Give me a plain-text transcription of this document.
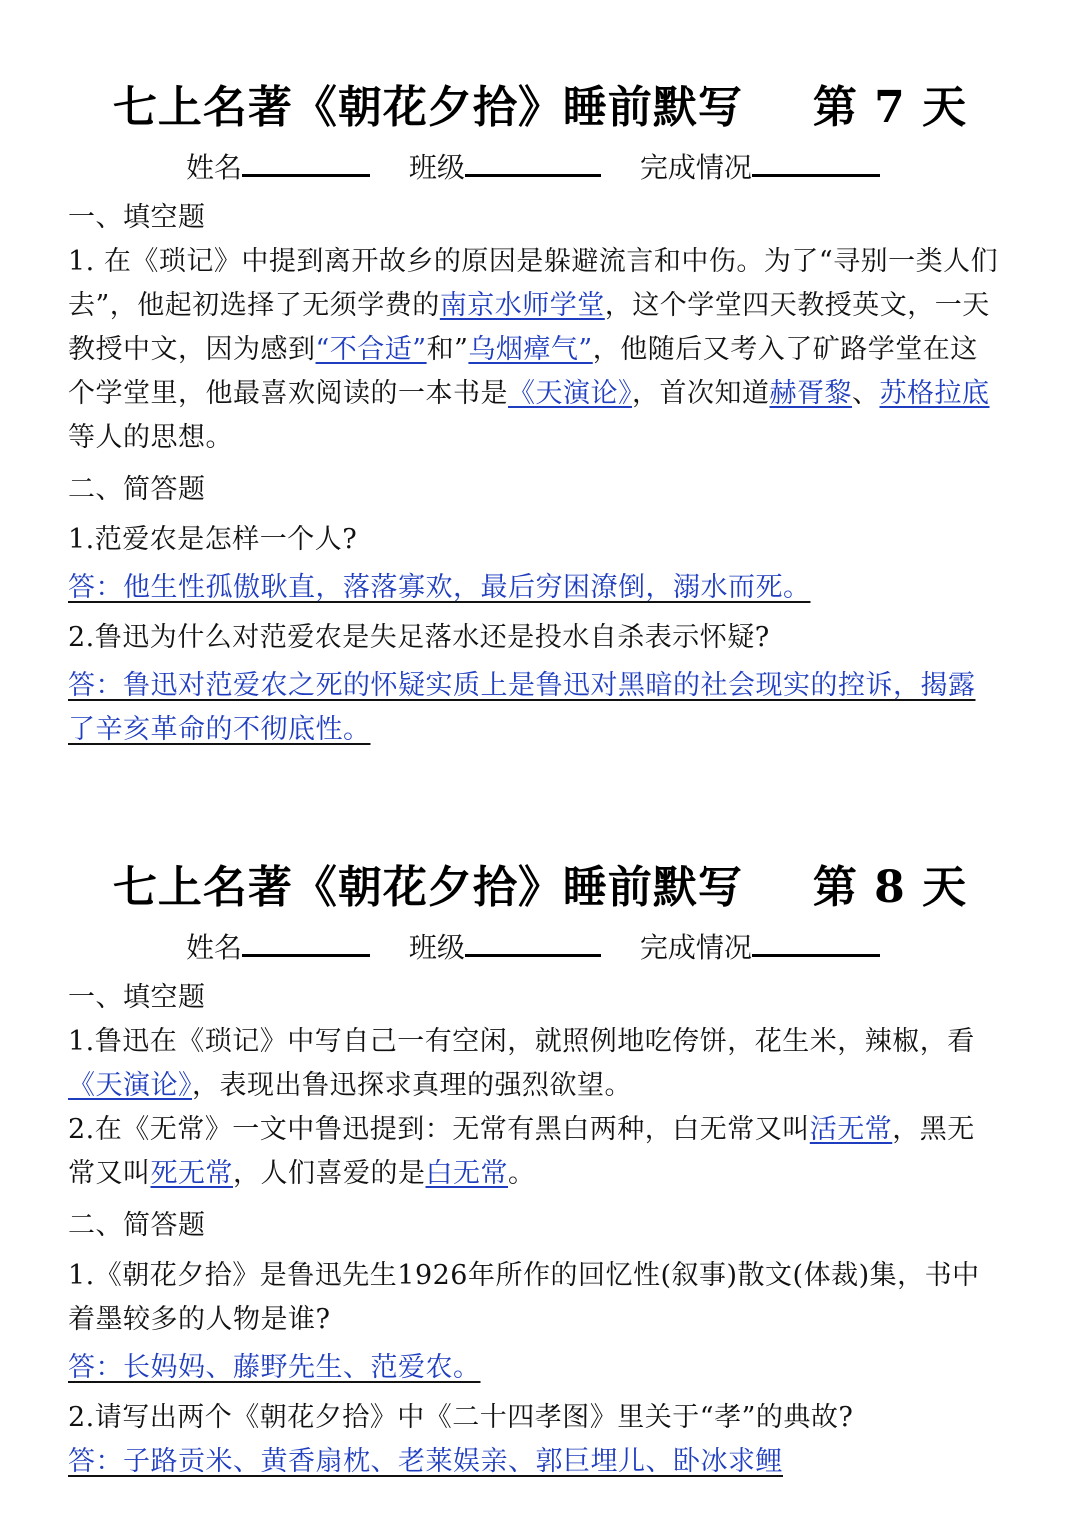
七上名著《朝花夕拾》睡前默写 第 7 天
姓名	班级	完成情况

一、填空题

1. 在《琐记》中提到离开故乡的原因是躲避流言和中伤。为了“寻别一类人们去”，他起初选择了无须学费的南京水师学堂，这个学堂四天教授英文，一天教授中文，因为感到“不合适”和”乌烟瘴气”，他随后又考入了矿路学堂在这个学堂里，他最喜欢阅读的一本书是《天演论》，首次知道赫胥黎、苏格拉底等人的思想。

二、简答题

1.范爱农是怎样一个人?

答：他生性孤傲耿直，落落寡欢，最后穷困潦倒，溺水而死。

2.鲁迅为什么对范爱农是失足落水还是投水自杀表示怀疑?

答：鲁迅对范爱农之死的怀疑实质上是鲁迅对黑暗的社会现实的控诉，揭露了辛亥革命的不彻底性。

七上名著《朝花夕拾》睡前默写 第 8 天
姓名	班级	完成情况

一、填空题

1.鲁迅在《琐记》中写自己一有空闲，就照例地吃侉饼，花生米，辣椒，看《天演论》，表现出鲁迅探求真理的强烈欲望。

2.在《无常》一文中鲁迅提到：无常有黑白两种，白无常又叫活无常，黑无常又叫死无常，人们喜爱的是白无常。

二、简答题

1.《朝花夕拾》是鲁迅先生1926年所作的回忆性(叙事)散文(体裁)集，书中着墨较多的人物是谁?

答：长妈妈、藤野先生、范爱农。

2.请写出两个《朝花夕拾》中《二十四孝图》里关于“孝”的典故?

答：子路贡米、黄香扇枕、老莱娱亲、郭巨埋儿、卧冰求鲤
